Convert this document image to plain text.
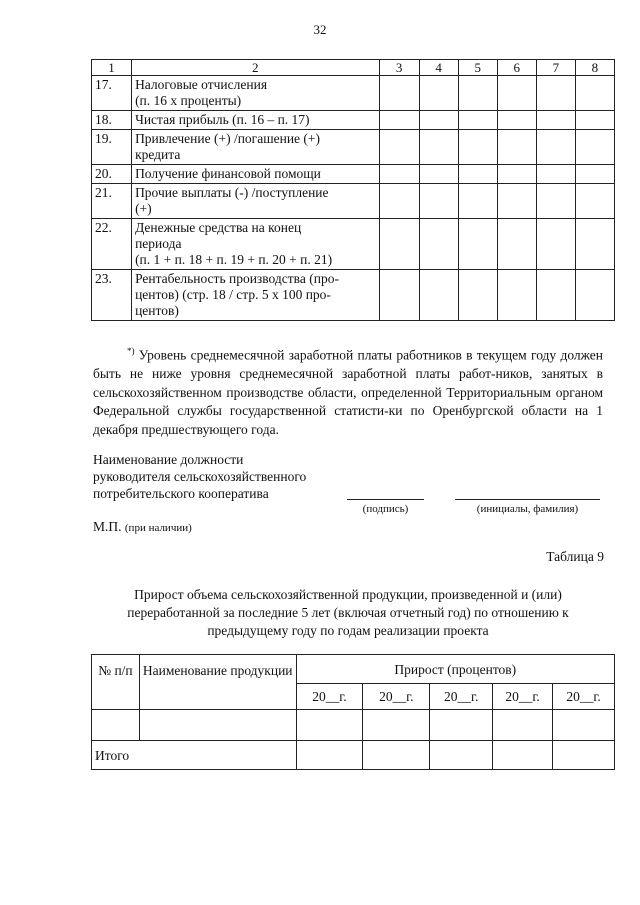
32
1	2	3	4	5	6	7	8
17.	Налоговые отчисления
(п. 16 х проценты)						

18.	Чистая прибыль (п. 16 – п. 17)						

19.	Привлечение (+) /погашение (+)
кредита						

20.	Получение финансовой помощи						

21.	Прочие выплаты (-) /поступление
(+)						

22.	Денежные средства на конец
периода
(п. 1 + п. 18 + п. 19 + п. 20 + п. 21)						

23.	Рентабельность производства (про-
центов) (стр. 18 / стр. 5 х 100 про-
центов)						

*) Уровень среднемесячной заработной платы работников в текущем году должен быть не ниже уровня среднемесячной заработной платы работ-ников, занятых в сельскохозяйственном производстве области, определенной Территориальным органом Федеральной службы государственной статисти-ки по Оренбургской области на 1 декабря предшествующего года.
Наименование должности
руководителя сельскохозяйственного
потребительского кооператива
(подпись)	(инициалы, фамилия)
М.П. (при наличии)
Таблица 9
Прирост объема сельскохозяйственной продукции, произведенной и (или) переработанной за последние 5 лет (включая отчетный год) по отношению к предыдущему году по годам реализации проекта
№ п/п	Наименование продукции	Прирост (процентов)				
		20__г.	20__г.	20__г.	20__г.	20__г.

Итого						
